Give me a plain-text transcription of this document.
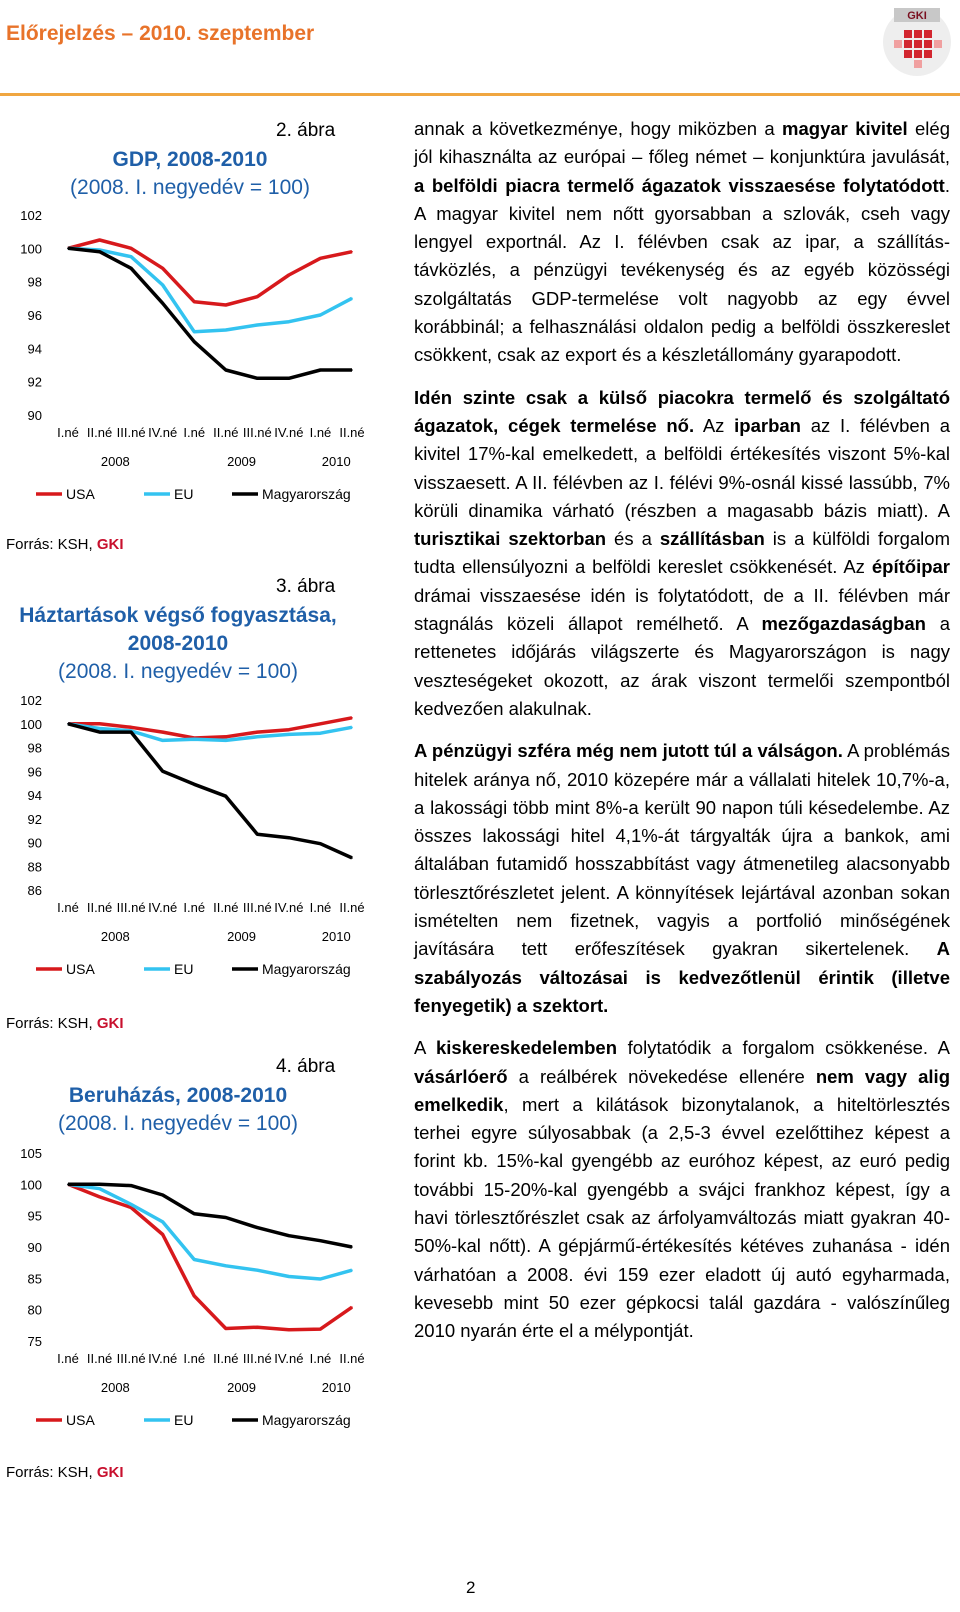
Előrejelzés – 2010. szeptember
GKI
2. ábra
GDP, 2008-2010
(2008. I. negyedév = 100)
90
92
94
96
98
100
102
I.né II.né III.né IV.né I.né II.né III.né IV.né I.né II.né
2008	2009	2010
USA	EU	Magyarország
Forrás: KSH, GKI
3. ábra
Háztartások végső fogyasztása,
2008-2010
(2008. I. negyedév = 100)
86
88
90
92
94
96
98
100
102
I.né II.né III.né IV.né I.né II.né III.né IV.né I.né II.né
2008	2009	2010
USA	EU	Magyarország
Forrás: KSH, GKI
4. ábra
Beruházás, 2008-2010
(2008. I. negyedév = 100)
75
80
85
90
95
100
105
I.né II.né III.né IV.né I.né II.né III.né IV.né I.né II.né
2008	2009	2010
USA	EU	Magyarország
Forrás: KSH, GKI

annak a következménye, hogy miközben a magyar kivitel elég jól kihasználta az európai – főleg német – konjunktúra javulását, a belföldi piacra termelő ágazatok visszaesése folytatódott. A magyar kivitel nem nőtt gyorsabban a szlovák, cseh vagy lengyel exportnál. Az I. félévben csak az ipar, a szállítás-távközlés, a pénzügyi tevékenység és az egyéb közösségi szolgáltatás GDP-termelése volt nagyobb az egy évvel korábbinál; a felhasználási oldalon pedig a belföldi összkereslet csökkent, csak az export és a készletállomány gyarapodott.

Idén szinte csak a külső piacokra termelő és szolgáltató ágazatok, cégek termelése nő. Az iparban az I. félévben a kivitel 17%-kal emelkedett, a belföldi értékesítés viszont 5%-kal visszaesett. A II. félévben az I. félévi 9%-osnál kissé lassúbb, 7% körüli dinamika várható (részben a magasabb bázis miatt). A turisztikai szektorban és a szállításban is a külföldi forgalom tudta ellensúlyozni a belföldi kereslet csökkenését. Az építőipar drámai visszaesése idén is folytatódott, de a II. félévben már stagnálás közeli állapot remélhető. A mezőgazdaságban a rettenetes időjárás világszerte és Magyarországon is nagy veszteségeket okozott, az árak viszont termelői szempontból kedvezően alakulnak.

A pénzügyi szféra még nem jutott túl a válságon. A problémás hitelek aránya nő, 2010 közepére már a vállalati hitelek 10,7%-a, a lakossági több mint 8%-a került 90 napon túli késedelembe. Az összes lakossági hitel 4,1%-át tárgyalták újra a bankok, ami általában futamidő hosszabbítást vagy átmenetileg alacsonyabb törlesztőrészletet jelent. A könnyítések lejártával azonban sokan ismételten nem fizetnek, vagyis a portfolió minőségének javítására tett erőfeszítések gyakran sikertelenek. A szabályozás változásai is kedvezőtlenül érintik (illetve fenyegetik) a szektort.

A kiskereskedelemben folytatódik a forgalom csökkenése. A vásárlóerő a reálbérek növekedése ellenére nem vagy alig emelkedik, mert a kilátások bizonytalanok, a hiteltörlesztés terhei egyre súlyosabbak (a 2,5-3 évvel ezelőttihez képest a forint kb. 15%-kal gyengébb az euróhoz képest, az euró pedig további 15-20%-kal gyengébb a svájci frankhoz képest, így a havi törlesztőrészlet csak az árfolyamváltozás miatt gyakran 40-50%-kal nőtt). A gépjármű-értékesítés kétéves zuhanása - idén várhatóan a 2008. évi 159 ezer eladott új autó egyharmada, kevesebb mint 50 ezer gépkocsi talál gazdára - valószínűleg 2010 nyarán érte el a mélypontját.

2
